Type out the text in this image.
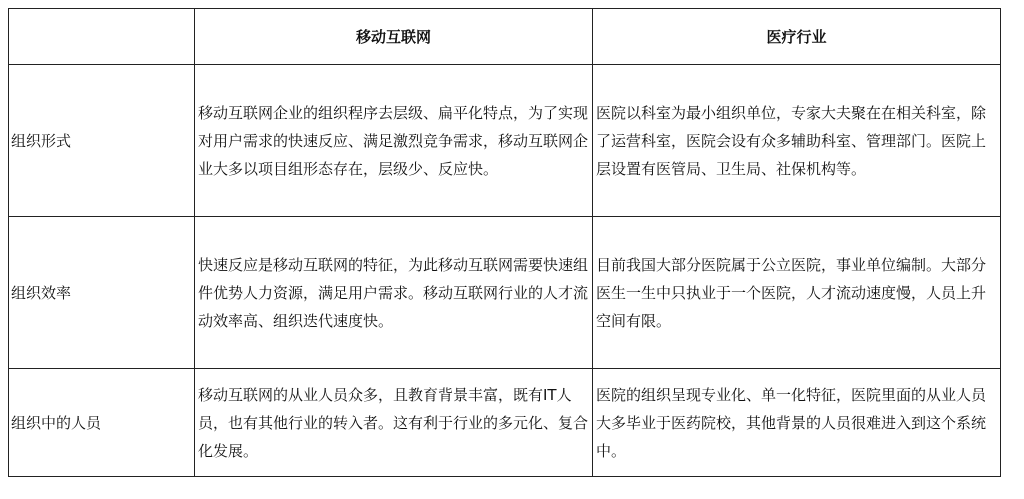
	移动互联网	医疗行业
组织形式	移动互联网企业的组织程序去层级、扁平化特点，为了实现对用户需求的快速反应、满足激烈竞争需求，移动互联网企业大多以项目组形态存在，层级少、反应快。	医院以科室为最小组织单位，专家大夫聚在在相关科室，除了运营科室，医院会设有众多辅助科室、管理部门。医院上层设置有医管局、卫生局、社保机构等。
组织效率	快速反应是移动互联网的特征，为此移动互联网需要快速组件优势人力资源，满足用户需求。移动互联网行业的人才流动效率高、组织迭代速度快。	目前我国大部分医院属于公立医院，事业单位编制。大部分医生一生中只执业于一个医院，人才流动速度慢，人员上升空间有限。
组织中的人员	移动互联网的从业人员众多，且教育背景丰富，既有IT人员，也有其他行业的转入者。这有利于行业的多元化、复合化发展。	医院的组织呈现专业化、单一化特征，医院里面的从业人员大多毕业于医药院校，其他背景的人员很难进入到这个系统中。
